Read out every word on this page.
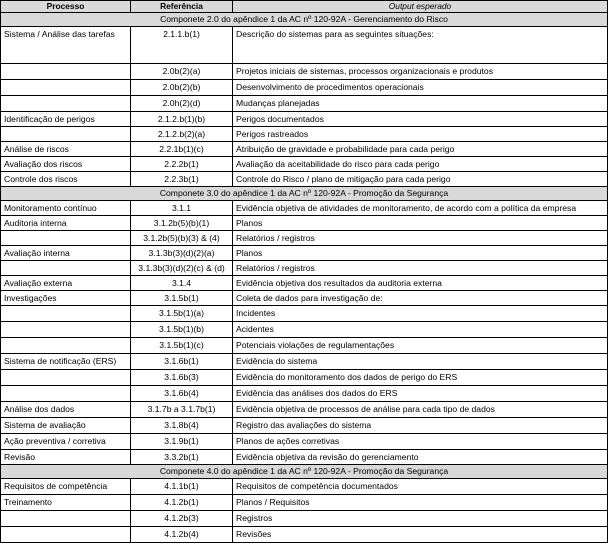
Processo	Referência	Output esperado
Componete 2.0 do apêndice 1 da AC nº 120-92A - Gerenciamento do Risco		
Sistema / Análise das tarefas	2.1.1.b(1)	Descrição do sistemas para as seguintes situações:
	2.0b(2)(a)	Projetos iniciais de sistemas, processos organizacionais e produtos
	2.0b(2)(b)	Desenvolvimento de procedimentos operacionais
	2.0h(2)(d)	Mudanças planejadas
Identificação de perigos	2.1.2.b(1)(b)	Perigos documentados
	2.1.2.b(2)(a)	Perigos rastreados
Análise de riscos	2.2.1b(1)(c)	Atribuição de gravidade e probabilidade para cada perigo
Avaliação dos riscos	2.2.2b(1)	Avaliação da aceitabilidade do risco para cada perigo
Controle dos riscos	2.2.3b(1)	Controle do Risco / plano de mitigação para cada perigo
Componete 3.0 do apêndice 1 da AC nº 120-92A - Promoção da Segurança		
Monitoramento contínuo	3.1.1	Evidência objetiva de atividades de monitoramento, de acordo com a política da empresa
Auditoria interna	3.1.2b(5)(b)(1)	Planos
	3.1.2b(5)(b)(3) & (4)	Relatórios / registros
Avaliação interna	3.1.3b(3)(d)(2)(a)	Planos
	3.1.3b(3)(d)(2)(c) & (d)	Relatórios / registros
Avaliação externa	3.1.4	Evidência objetiva dos resultados da auditoria externa
Investigações	3.1.5b(1)	Coleta de dados para investigação de:
	3.1.5b(1)(a)	Incidentes
	3.1.5b(1)(b)	Acidentes
	3.1.5b(1)(c)	Potenciais violações de regulamentações
Sistema de notificação (ERS)	3.1.6b(1)	Evidência do sistema
	3.1.6b(3)	Evidência do monitoramento dos dados de perigo do ERS
	3.1.6b(4)	Evidência das análises dos dados do ERS
Análise dos dados	3.1.7b a 3.1.7b(1)	Evidência objetiva de processos de análise para cada tipo de dados
Sistema de avaliação	3.1.8b(4)	Registro das avaliações do sistema
Ação preventiva / corretiva	3.1.9b(1)	Planos de ações corretivas
Revisão	3.3.2b(1)	Evidência objetiva da revisão do gerenciamento
Componete 4.0 do apêndice 1 da AC nº 120-92A - Promoção da Segurança		
Requisitos de competência	4.1.1b(1)	Requisitos de competência documentados
Treinamento	4.1.2b(1)	Planos / Requisitos
	4.1.2b(3)	Registros
	4.1.2b(4)	Revisões
